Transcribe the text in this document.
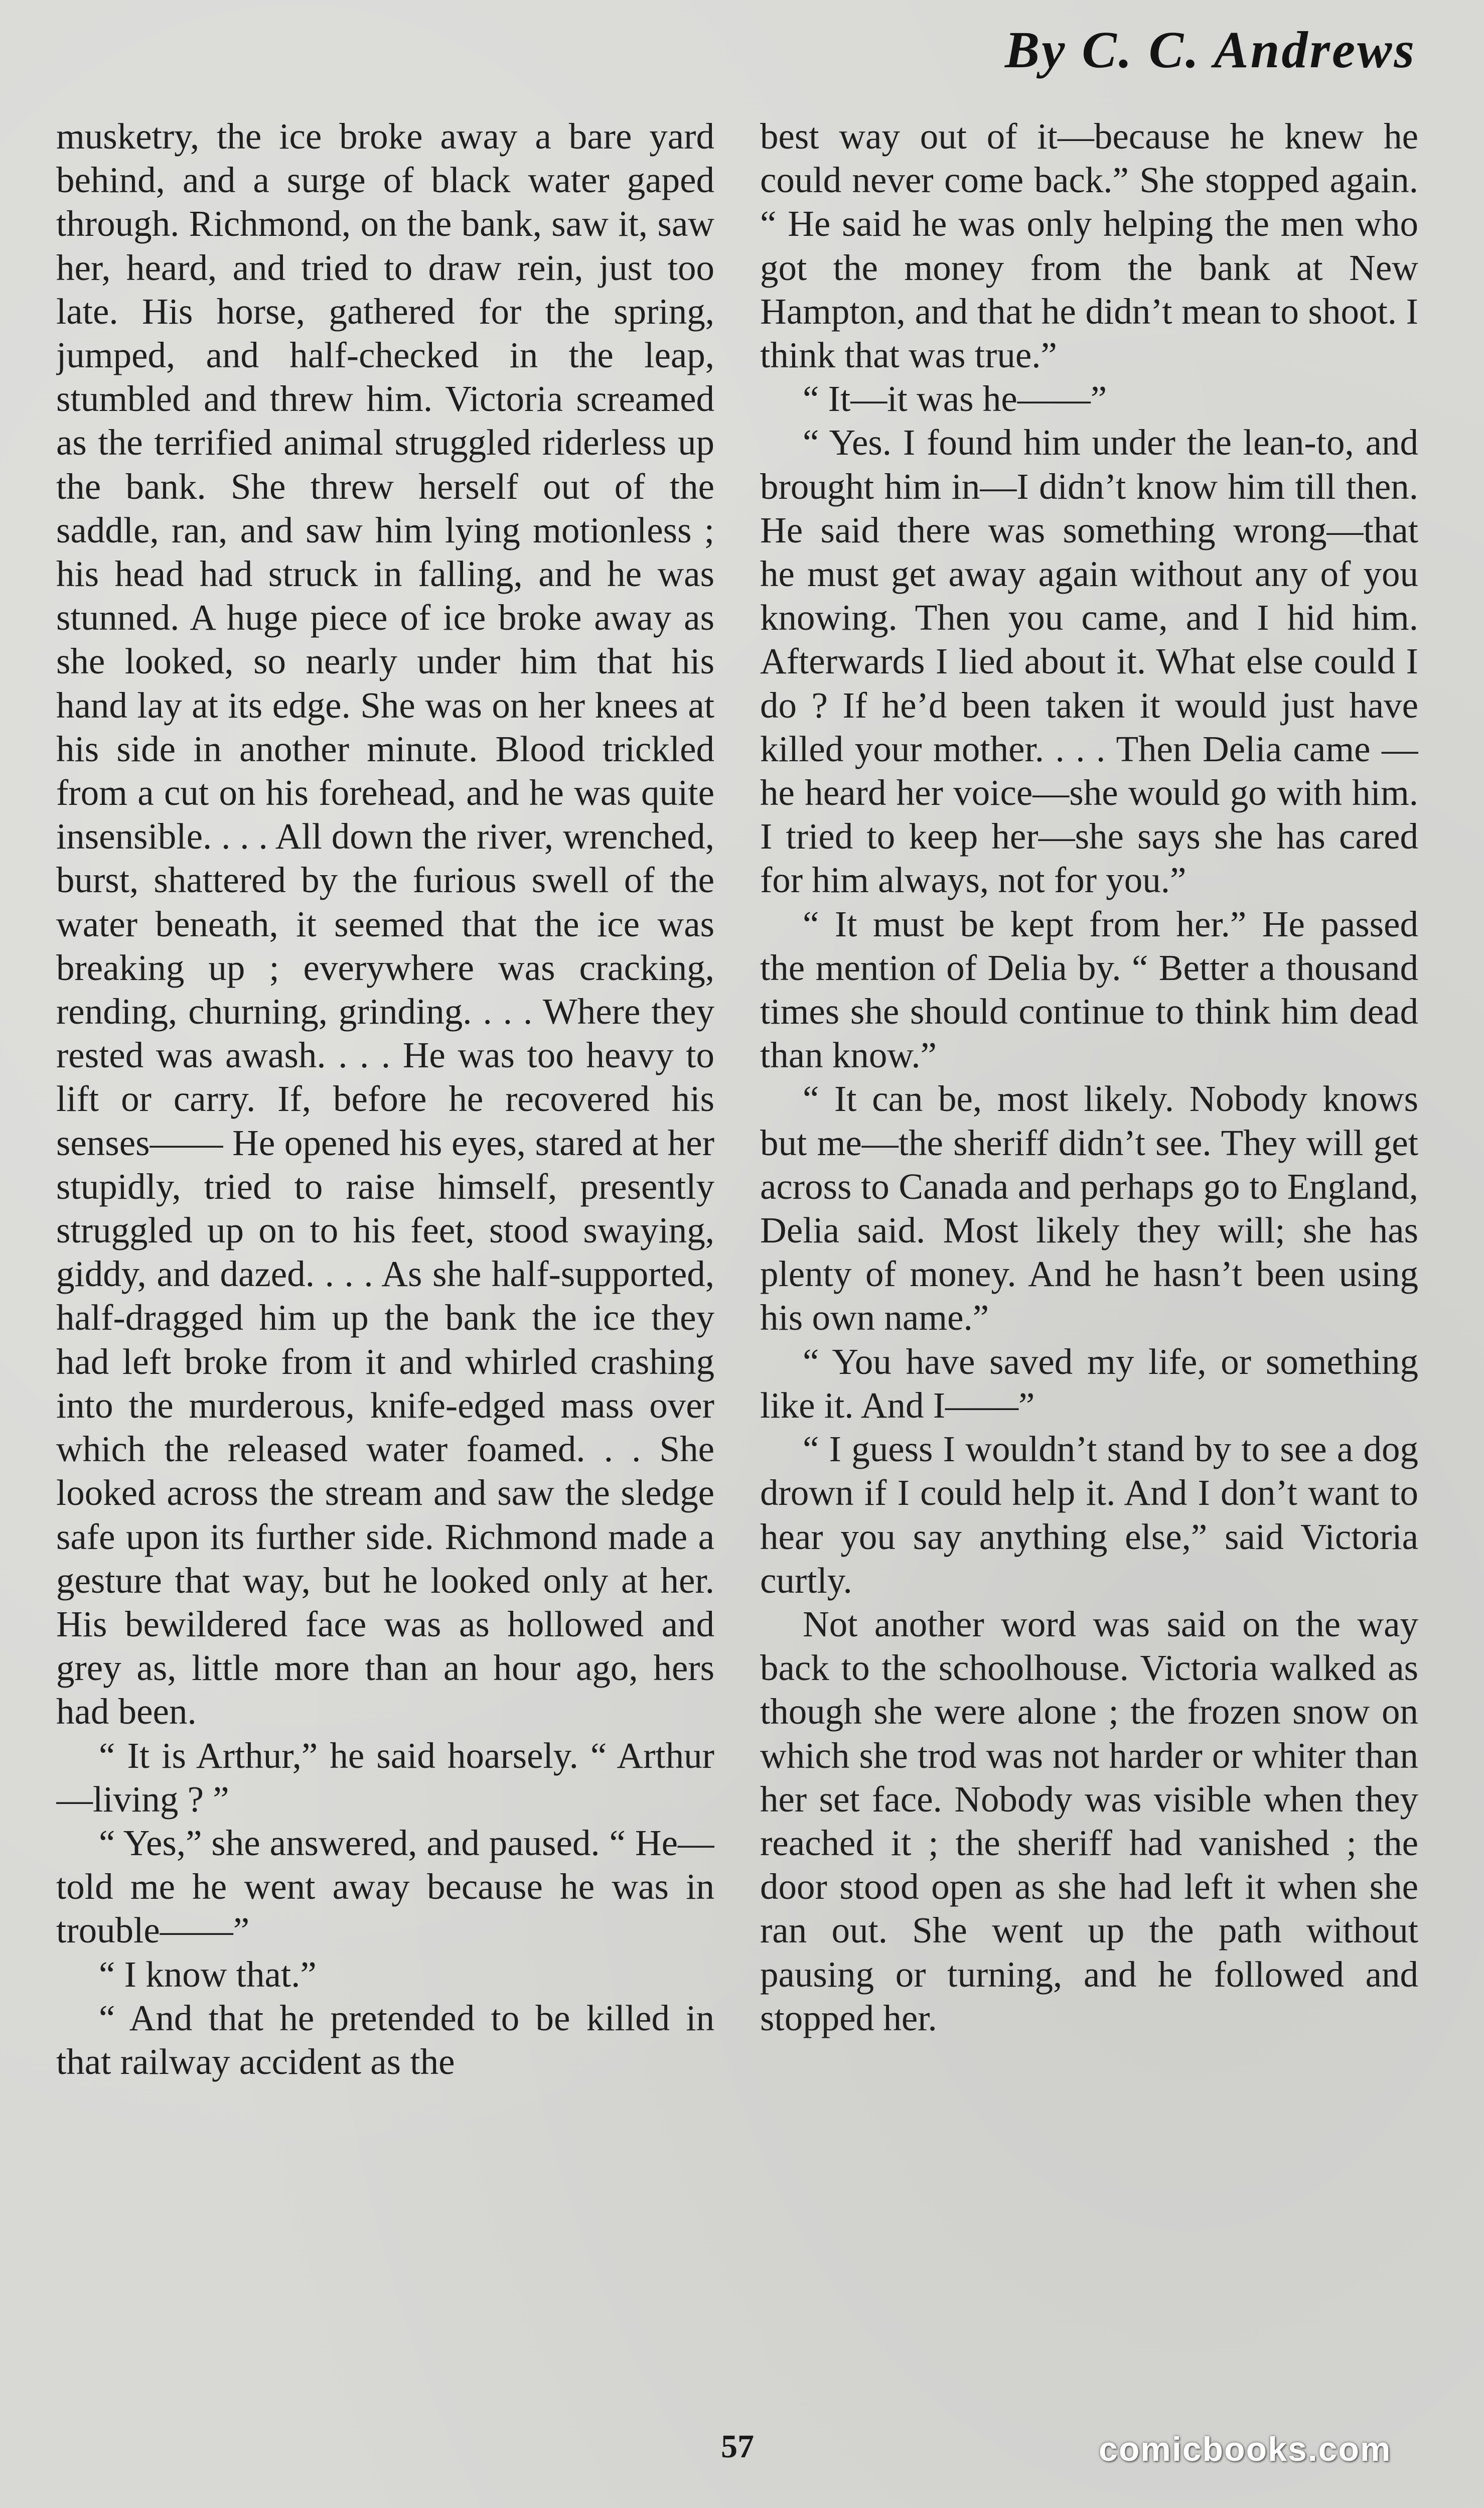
By C. C. Andrews

musketry, the ice broke away a bare yard behind, and a surge of black water gaped through. Richmond, on the bank, saw it, saw her, heard, and tried to draw rein, just too late. His horse, gathered for the spring, jumped, and half-checked in the leap, stumbled and threw him. Victoria screamed as the terrified animal struggled riderless up the bank. She threw herself out of the saddle, ran, and saw him lying motionless ; his head had struck in falling, and he was stunned. A huge piece of ice broke away as she looked, so nearly under him that his hand lay at its edge. She was on her knees at his side in another minute. Blood trickled from a cut on his forehead, and he was quite insensible. . . . All down the river, wrenched, burst, shattered by the furious swell of the water beneath, it seemed that the ice was breaking up ; everywhere was cracking, rending, churning, grinding. . . . Where they rested was awash. . . . He was too heavy to lift or carry. If, before he recovered his senses—— He opened his eyes, stared at her stupidly, tried to raise himself, presently struggled up on to his feet, stood swaying, giddy, and dazed. . . . As she half-supported, half-dragged him up the bank the ice they had left broke from it and whirled crashing into the murderous, knife-edged mass over which the released water foamed. . . She looked across the stream and saw the sledge safe upon its further side. Richmond made a gesture that way, but he looked only at her. His bewildered face was as hollowed and grey as, little more than an hour ago, hers had been.

“ It is Arthur,” he said hoarsely. “ Arthur—living ? ”

“ Yes,” she answered, and paused. “ He—told me he went away because he was in trouble——”

“ I know that.”

“ And that he pretended to be killed in that railway accident as the

best way out of it—because he knew he could never come back.” She stopped again. “ He said he was only helping the men who got the money from the bank at New Hampton, and that he didn’t mean to shoot. I think that was true.”

“ It—it was he——”

“ Yes. I found him under the lean-to, and brought him in—I didn’t know him till then. He said there was something wrong—that he must get away again without any of you knowing. Then you came, and I hid him. Afterwards I lied about it. What else could I do ? If he’d been taken it would just have killed your mother. . . . Then Delia came —he heard her voice—she would go with him. I tried to keep her—she says she has cared for him always, not for you.”

“ It must be kept from her.” He passed the mention of Delia by. “ Better a thousand times she should continue to think him dead than know.”

“ It can be, most likely. Nobody knows but me—the sheriff didn’t see. They will get across to Canada and perhaps go to England, Delia said. Most likely they will; she has plenty of money. And he hasn’t been using his own name.”

“ You have saved my life, or something like it. And I——”

“ I guess I wouldn’t stand by to see a dog drown if I could help it. And I don’t want to hear you say anything else,” said Victoria curtly.

Not another word was said on the way back to the schoolhouse. Victoria walked as though she were alone ; the frozen snow on which she trod was not harder or whiter than her set face. Nobody was visible when they reached it ; the sheriff had vanished ; the door stood open as she had left it when she ran out. She went up the path without pausing or turning, and he followed and stopped her.

57	comicbooks.com
